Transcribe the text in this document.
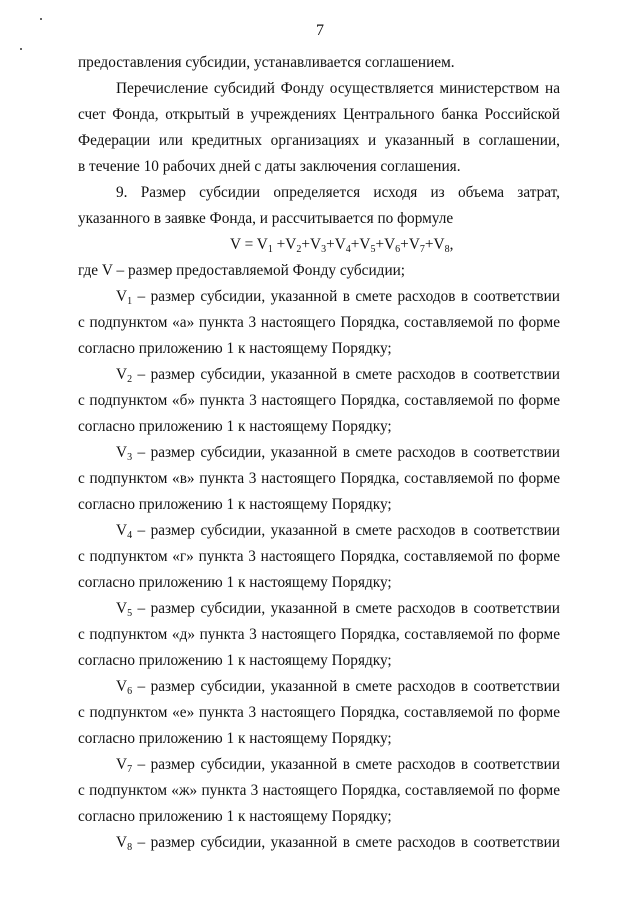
7
предоставления субсидии, устанавливается соглашением.
Перечисление субсидий Фонду осуществляется министерством на
счет Фонда, открытый в учреждениях Центрального банка Российской
Федерации или кредитных организациях и указанный в соглашении,
в течение 10 рабочих дней с даты заключения соглашения.
9. Размер субсидии определяется исходя из объема затрат,
указанного в заявке Фонда, и рассчитывается по формуле
$V = V_1 +V_2+V_3+V_4+V_5+V_6+V_7+V_8$,
где V – размер предоставляемой Фонду субсидии;
$V_1$ – размер субсидии, указанной в смете расходов в соответствии
с подпунктом «а» пункта 3 настоящего Порядка, составляемой по форме
согласно приложению 1 к настоящему Порядку;
$V_2$ – размер субсидии, указанной в смете расходов в соответствии
с подпунктом «б» пункта 3 настоящего Порядка, составляемой по форме
согласно приложению 1 к настоящему Порядку;
$V_3$ – размер субсидии, указанной в смете расходов в соответствии
с подпунктом «в» пункта 3 настоящего Порядка, составляемой по форме
согласно приложению 1 к настоящему Порядку;
$V_4$ – размер субсидии, указанной в смете расходов в соответствии
с подпунктом «г» пункта 3 настоящего Порядка, составляемой по форме
согласно приложению 1 к настоящему Порядку;
$V_5$ – размер субсидии, указанной в смете расходов в соответствии
с подпунктом «д» пункта 3 настоящего Порядка, составляемой по форме
согласно приложению 1 к настоящему Порядку;
$V_6$ – размер субсидии, указанной в смете расходов в соответствии
с подпунктом «е» пункта 3 настоящего Порядка, составляемой по форме
согласно приложению 1 к настоящему Порядку;
$V_7$ – размер субсидии, указанной в смете расходов в соответствии
с подпунктом «ж» пункта 3 настоящего Порядка, составляемой по форме
согласно приложению 1 к настоящему Порядку;
$V_8$ – размер субсидии, указанной в смете расходов в соответствии
